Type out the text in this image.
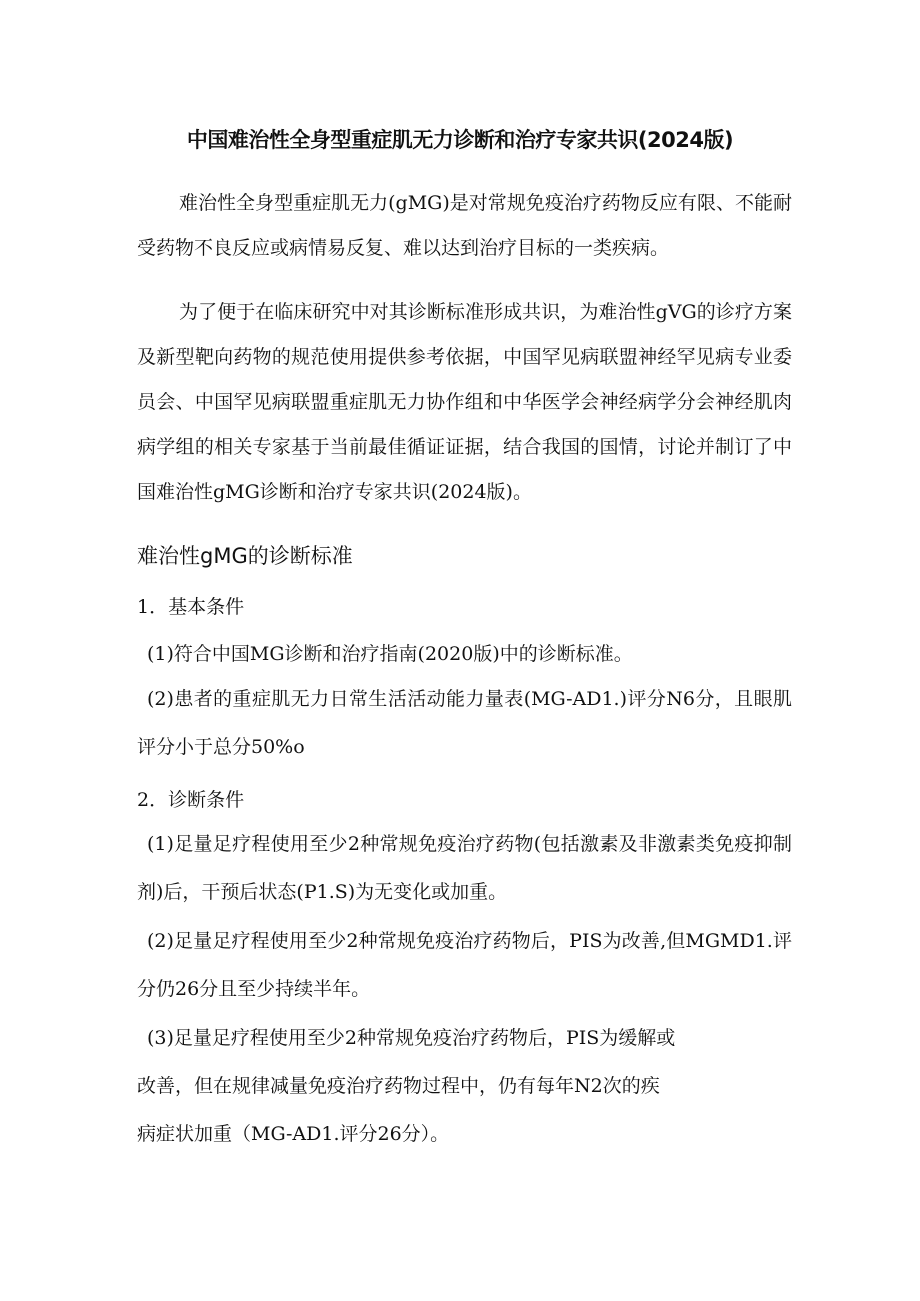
中国难治性全身型重症肌无力诊断和治疗专家共识(2024版)

难治性全身型重症肌无力(gMG)是对常规免疫治疗药物反应有限、不能耐受药物不良反应或病情易反复、难以达到治疗目标的一类疾病。

为了便于在临床研究中对其诊断标准形成共识，为难治性gVG的诊疗方案及新型靶向药物的规范使用提供参考依据，中国罕见病联盟神经罕见病专业委员会、中国罕见病联盟重症肌无力协作组和中华医学会神经病学分会神经肌肉病学组的相关专家基于当前最佳循证证据，结合我国的国情，讨论并制订了中国难治性gMG诊断和治疗专家共识(2024版)。

难治性gMG的诊断标准

1．基本条件

(1)符合中国MG诊断和治疗指南(2020版)中的诊断标准。

(2)患者的重症肌无力日常生活活动能力量表(MG-AD1.)评分N6分，且眼肌评分小于总分50%o

2．诊断条件

(1)足量足疗程使用至少2种常规免疫治疗药物(包括激素及非激素类免疫抑制剂)后，干预后状态(P1.S)为无变化或加重。

(2)足量足疗程使用至少2种常规免疫治疗药物后，PIS为改善,但MGMD1.评分仍26分且至少持续半年。

(3)足量足疗程使用至少2种常规免疫治疗药物后，PIS为缓解或

改善，但在规律减量免疫治疗药物过程中，仍有每年N2次的疾

病症状加重（MG-AD1.评分26分）。
